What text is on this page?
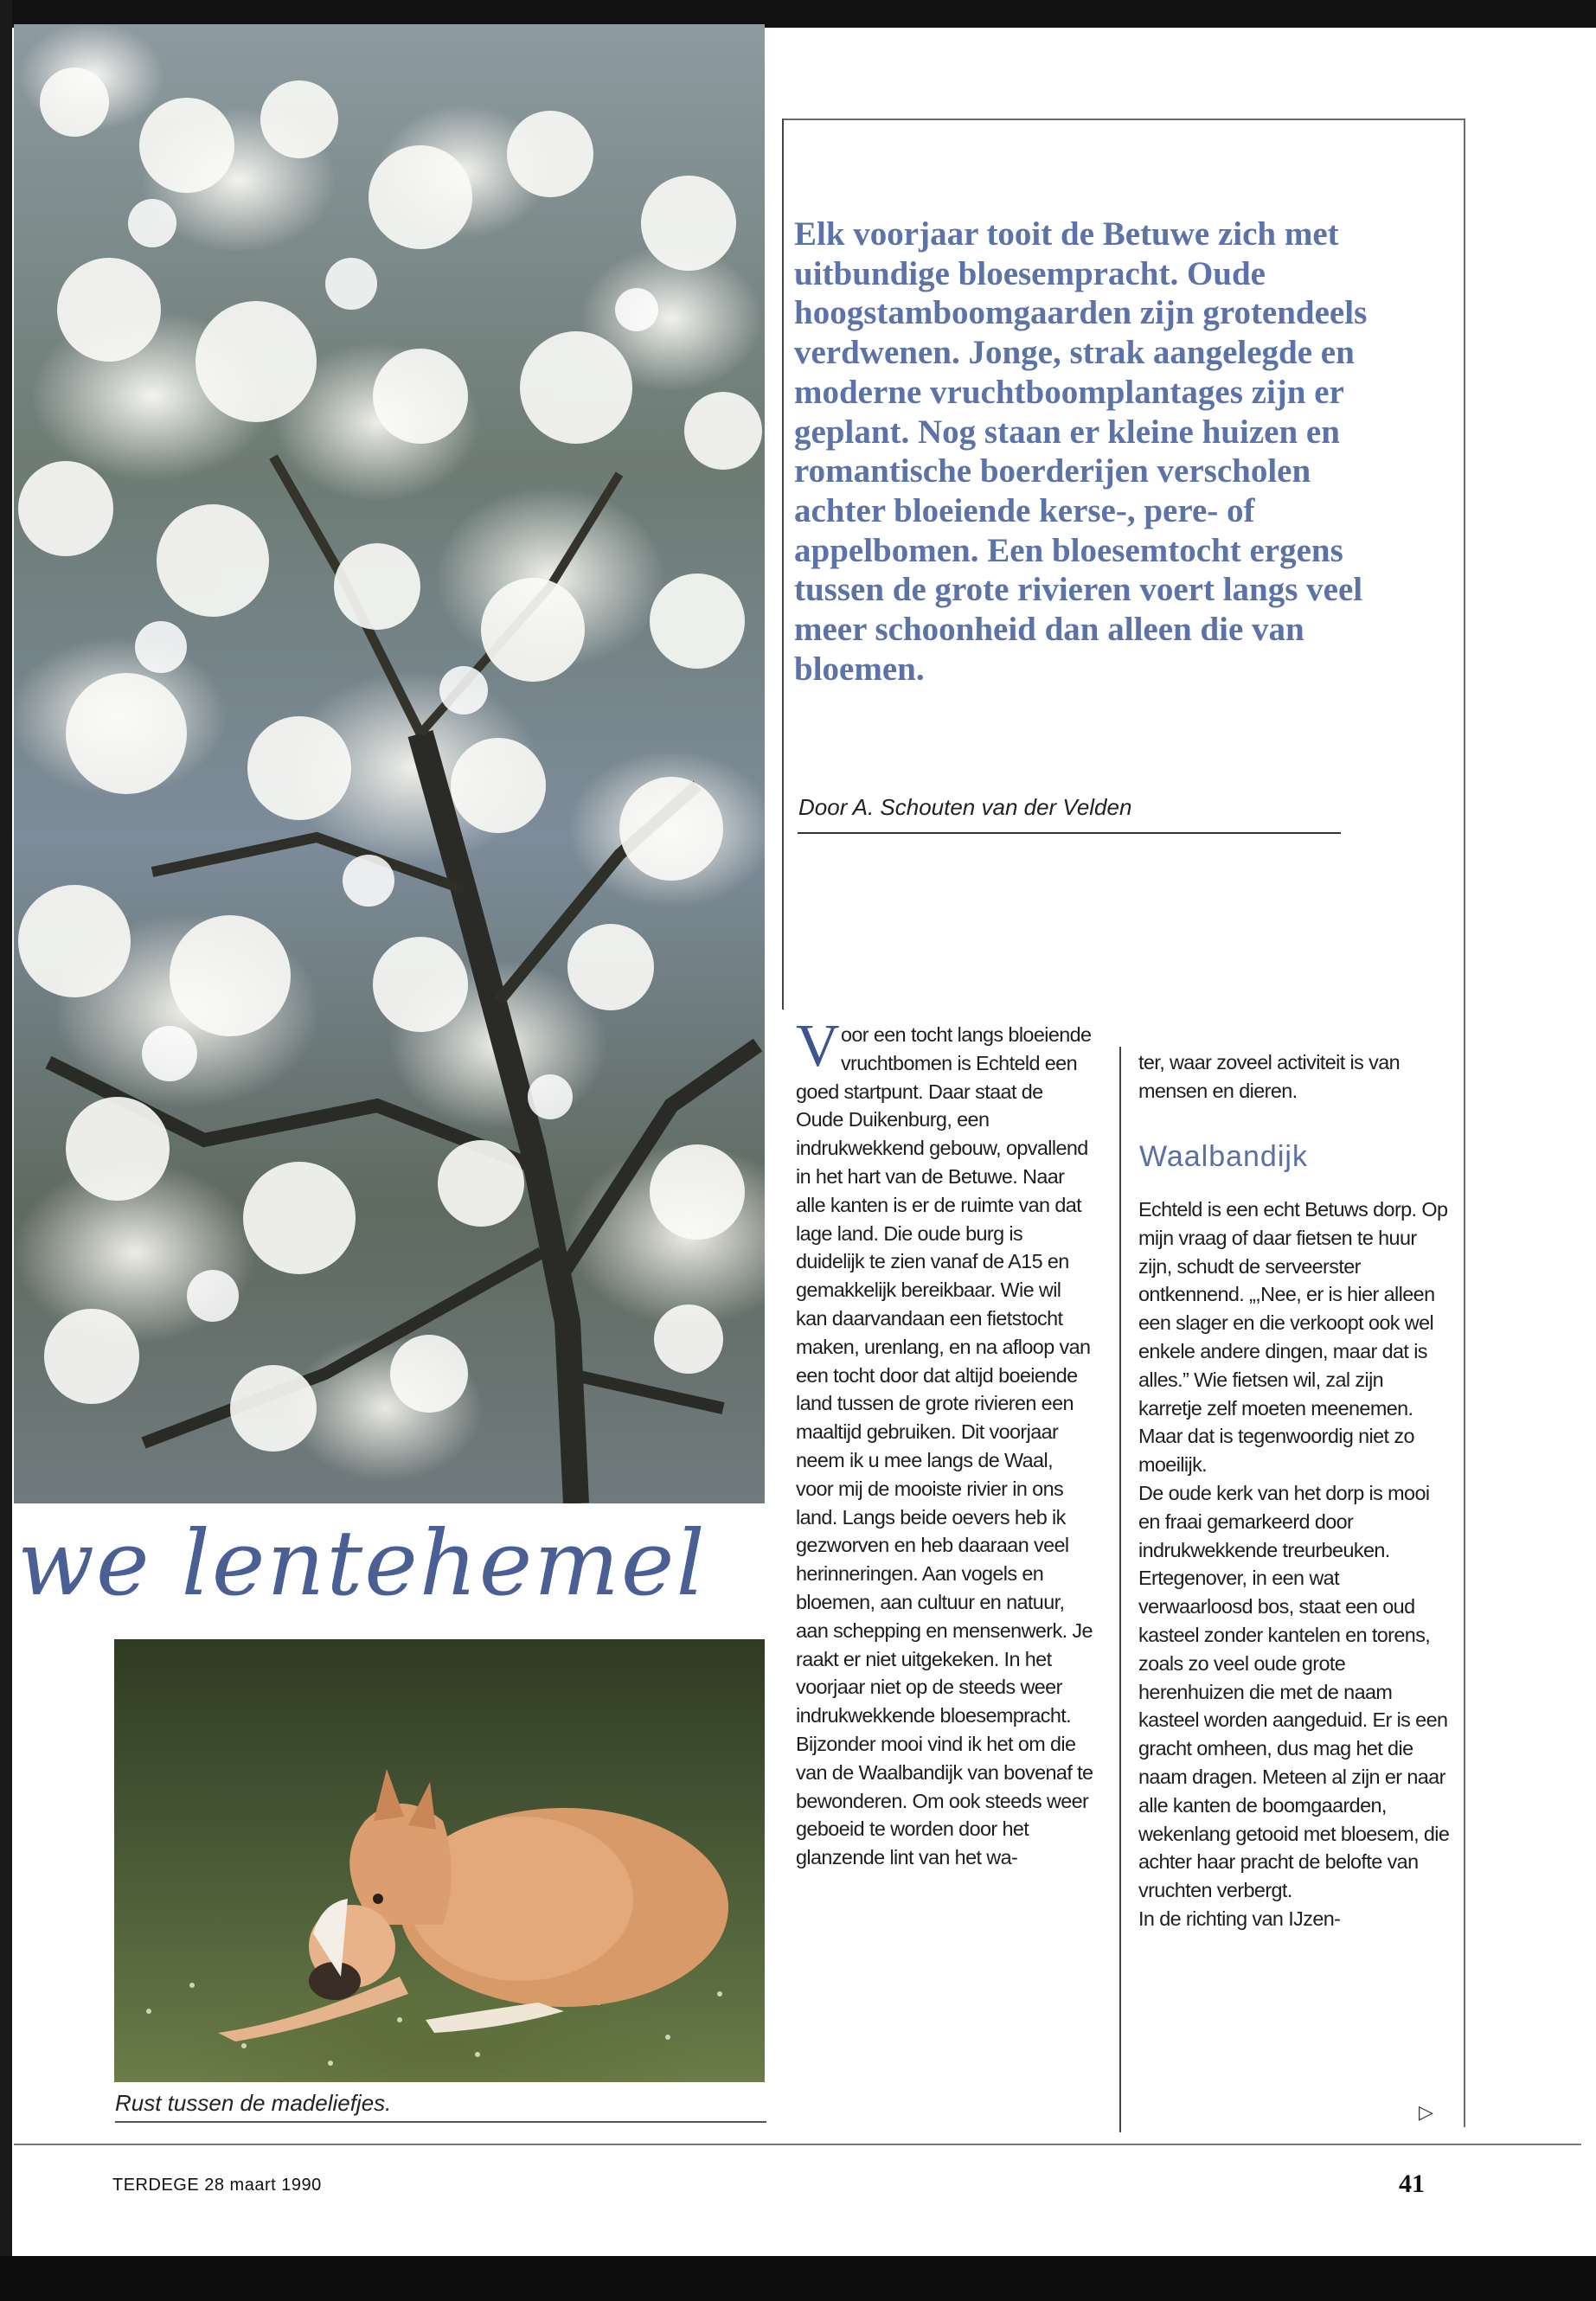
we lentehemel
Rust tussen de madeliefjes.
Elk voorjaar tooit de Betuwe zich met uitbundige bloesempracht. Oude hoogstamboomgaarden zijn grotendeels verdwenen. Jonge, strak aangelegde en moderne vruchtboomplantages zijn er geplant. Nog staan er kleine huizen en romantische boerderijen verscholen achter bloeiende kerse-, pere- of appelbomen. Een bloesemtocht ergens tussen de grote rivieren voert langs veel meer schoonheid dan alleen die van bloemen.
Door A. Schouten van der Velden
Voor een tocht langs bloeiende vruchtbomen is Echteld een goed startpunt. Daar staat de Oude Duikenburg, een indrukwekkend gebouw, opvallend in het hart van de Betuwe. Naar alle kanten is er de ruimte van dat lage land. Die oude burg is duidelijk te zien vanaf de A15 en gemakkelijk bereikbaar. Wie wil kan daarvandaan een fietstocht maken, urenlang, en na afloop van een tocht door dat altijd boeiende land tussen de grote rivieren een maaltijd gebruiken. Dit voorjaar neem ik u mee langs de Waal, voor mij de mooiste rivier in ons land. Langs beide oevers heb ik gezworven en heb daaraan veel herinneringen. Aan vogels en bloemen, aan cultuur en natuur, aan schepping en mensenwerk. Je raakt er niet uitgekeken. In het voorjaar niet op de steeds weer indrukwekkende bloesempracht. Bijzonder mooi vind ik het om die van de Waalbandijk van bovenaf te bewonderen. Om ook steeds weer geboeid te worden door het glanzende lint van het wa-

ter, waar zoveel activiteit is van mensen en dieren.

Waalbandijk

Echteld is een echt Betuws dorp. Op mijn vraag of daar fietsen te huur zijn, schudt de serveerster ontkennend. „,Nee, er is hier alleen een slager en die verkoopt ook wel enkele andere dingen, maar dat is alles.” Wie fietsen wil, zal zijn karretje zelf moeten meenemen. Maar dat is tegenwoordig niet zo moeilijk.

De oude kerk van het dorp is mooi en fraai gemarkeerd door indrukwekkende treurbeuken. Ertegenover, in een wat verwaarloosd bos, staat een oud kasteel zonder kantelen en torens, zoals zo veel oude grote herenhuizen die met de naam kasteel worden aangeduid. Er is een gracht omheen, dus mag het die naam dragen. Meteen al zijn er naar alle kanten de boomgaarden, wekenlang getooid met bloesem, die achter haar pracht de belofte van vruchten verbergt.

In de richting van IJzen-

▷
TERDEGE 28 maart 1990	41
